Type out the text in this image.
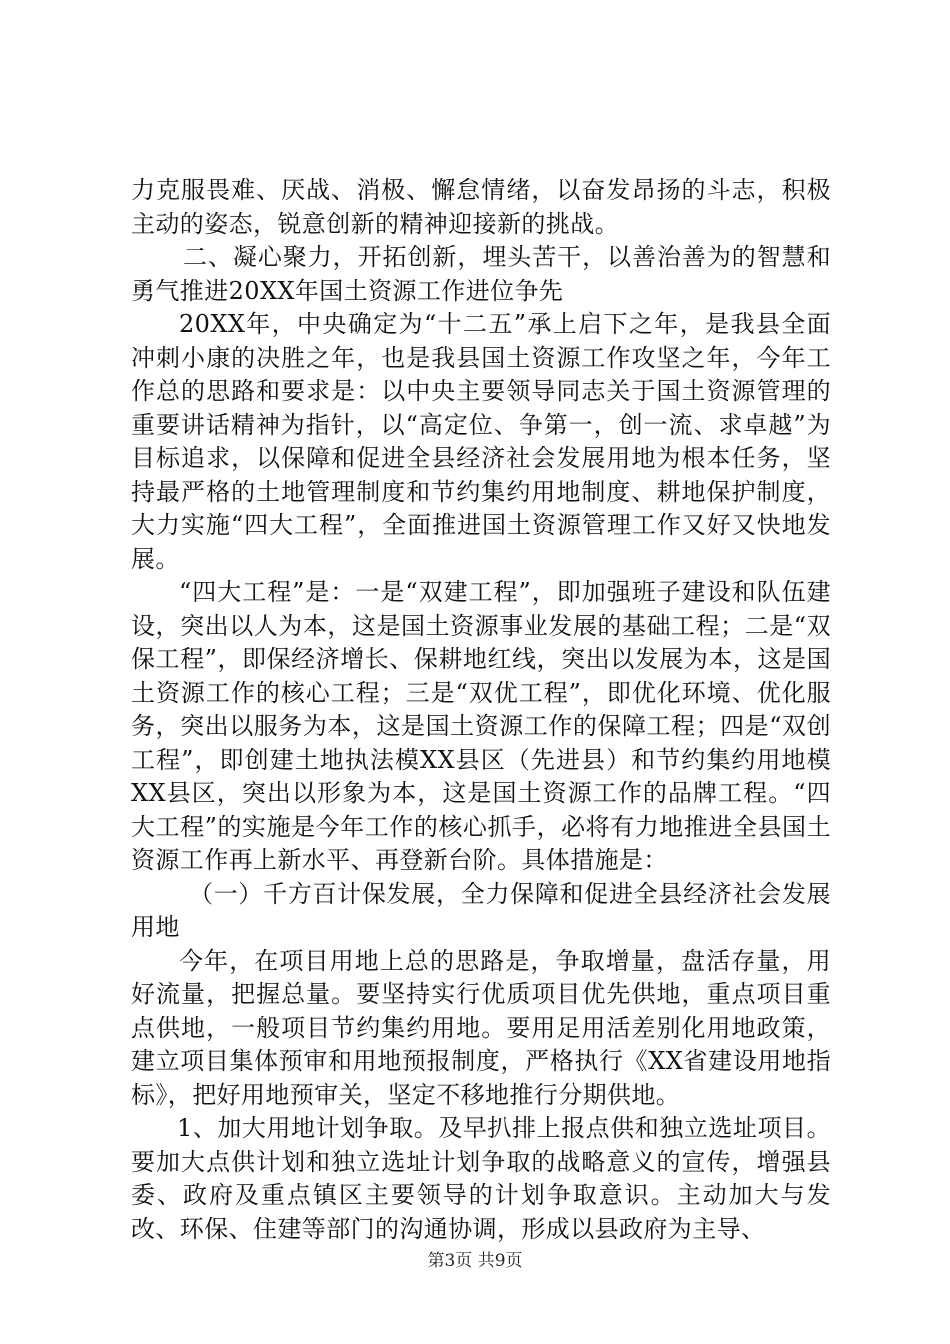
力克服畏难、厌战、消极、懈怠情绪，以奋发昂扬的斗志，积极主动的姿态，锐意创新的精神迎接新的挑战。

二、凝心聚力，开拓创新，埋头苦干，以善治善为的智慧和勇气推进20XX年国土资源工作进位争先

20XX年，中央确定为“十二五”承上启下之年，是我县全面冲刺小康的决胜之年，也是我县国土资源工作攻坚之年，今年工作总的思路和要求是：以中央主要领导同志关于国土资源管理的重要讲话精神为指针，以“高定位、争第一，创一流、求卓越”为目标追求，以保障和促进全县经济社会发展用地为根本任务，坚持最严格的土地管理制度和节约集约用地制度、耕地保护制度，大力实施“四大工程”，全面推进国土资源管理工作又好又快地发展。

“四大工程”是：一是“双建工程”，即加强班子建设和队伍建设，突出以人为本，这是国土资源事业发展的基础工程；二是“双保工程”，即保经济增长、保耕地红线，突出以发展为本，这是国土资源工作的核心工程；三是“双优工程”，即优化环境、优化服务，突出以服务为本，这是国土资源工作的保障工程；四是“双创工程”，即创建土地执法模XX县区（先进县）和节约集约用地模XX县区，突出以形象为本，这是国土资源工作的品牌工程。“四大工程”的实施是今年工作的核心抓手，必将有力地推进全县国土资源工作再上新水平、再登新台阶。具体措施是：

（一）千方百计保发展，全力保障和促进全县经济社会发展用地

今年，在项目用地上总的思路是，争取增量，盘活存量，用好流量，把握总量。要坚持实行优质项目优先供地，重点项目重点供地，一般项目节约集约用地。要用足用活差别化用地政策，建立项目集体预审和用地预报制度，严格执行《XX省建设用地指标》，把好用地预审关，坚定不移地推行分期供地。

1、加大用地计划争取。及早扒排上报点供和独立选址项目。要加大点供计划和独立选址计划争取的战略意义的宣传，增强县委、政府及重点镇区主要领导的计划争取意识。主动加大与发改、环保、住建等部门的沟通协调，形成以县政府为主导、

第3页 共9页
